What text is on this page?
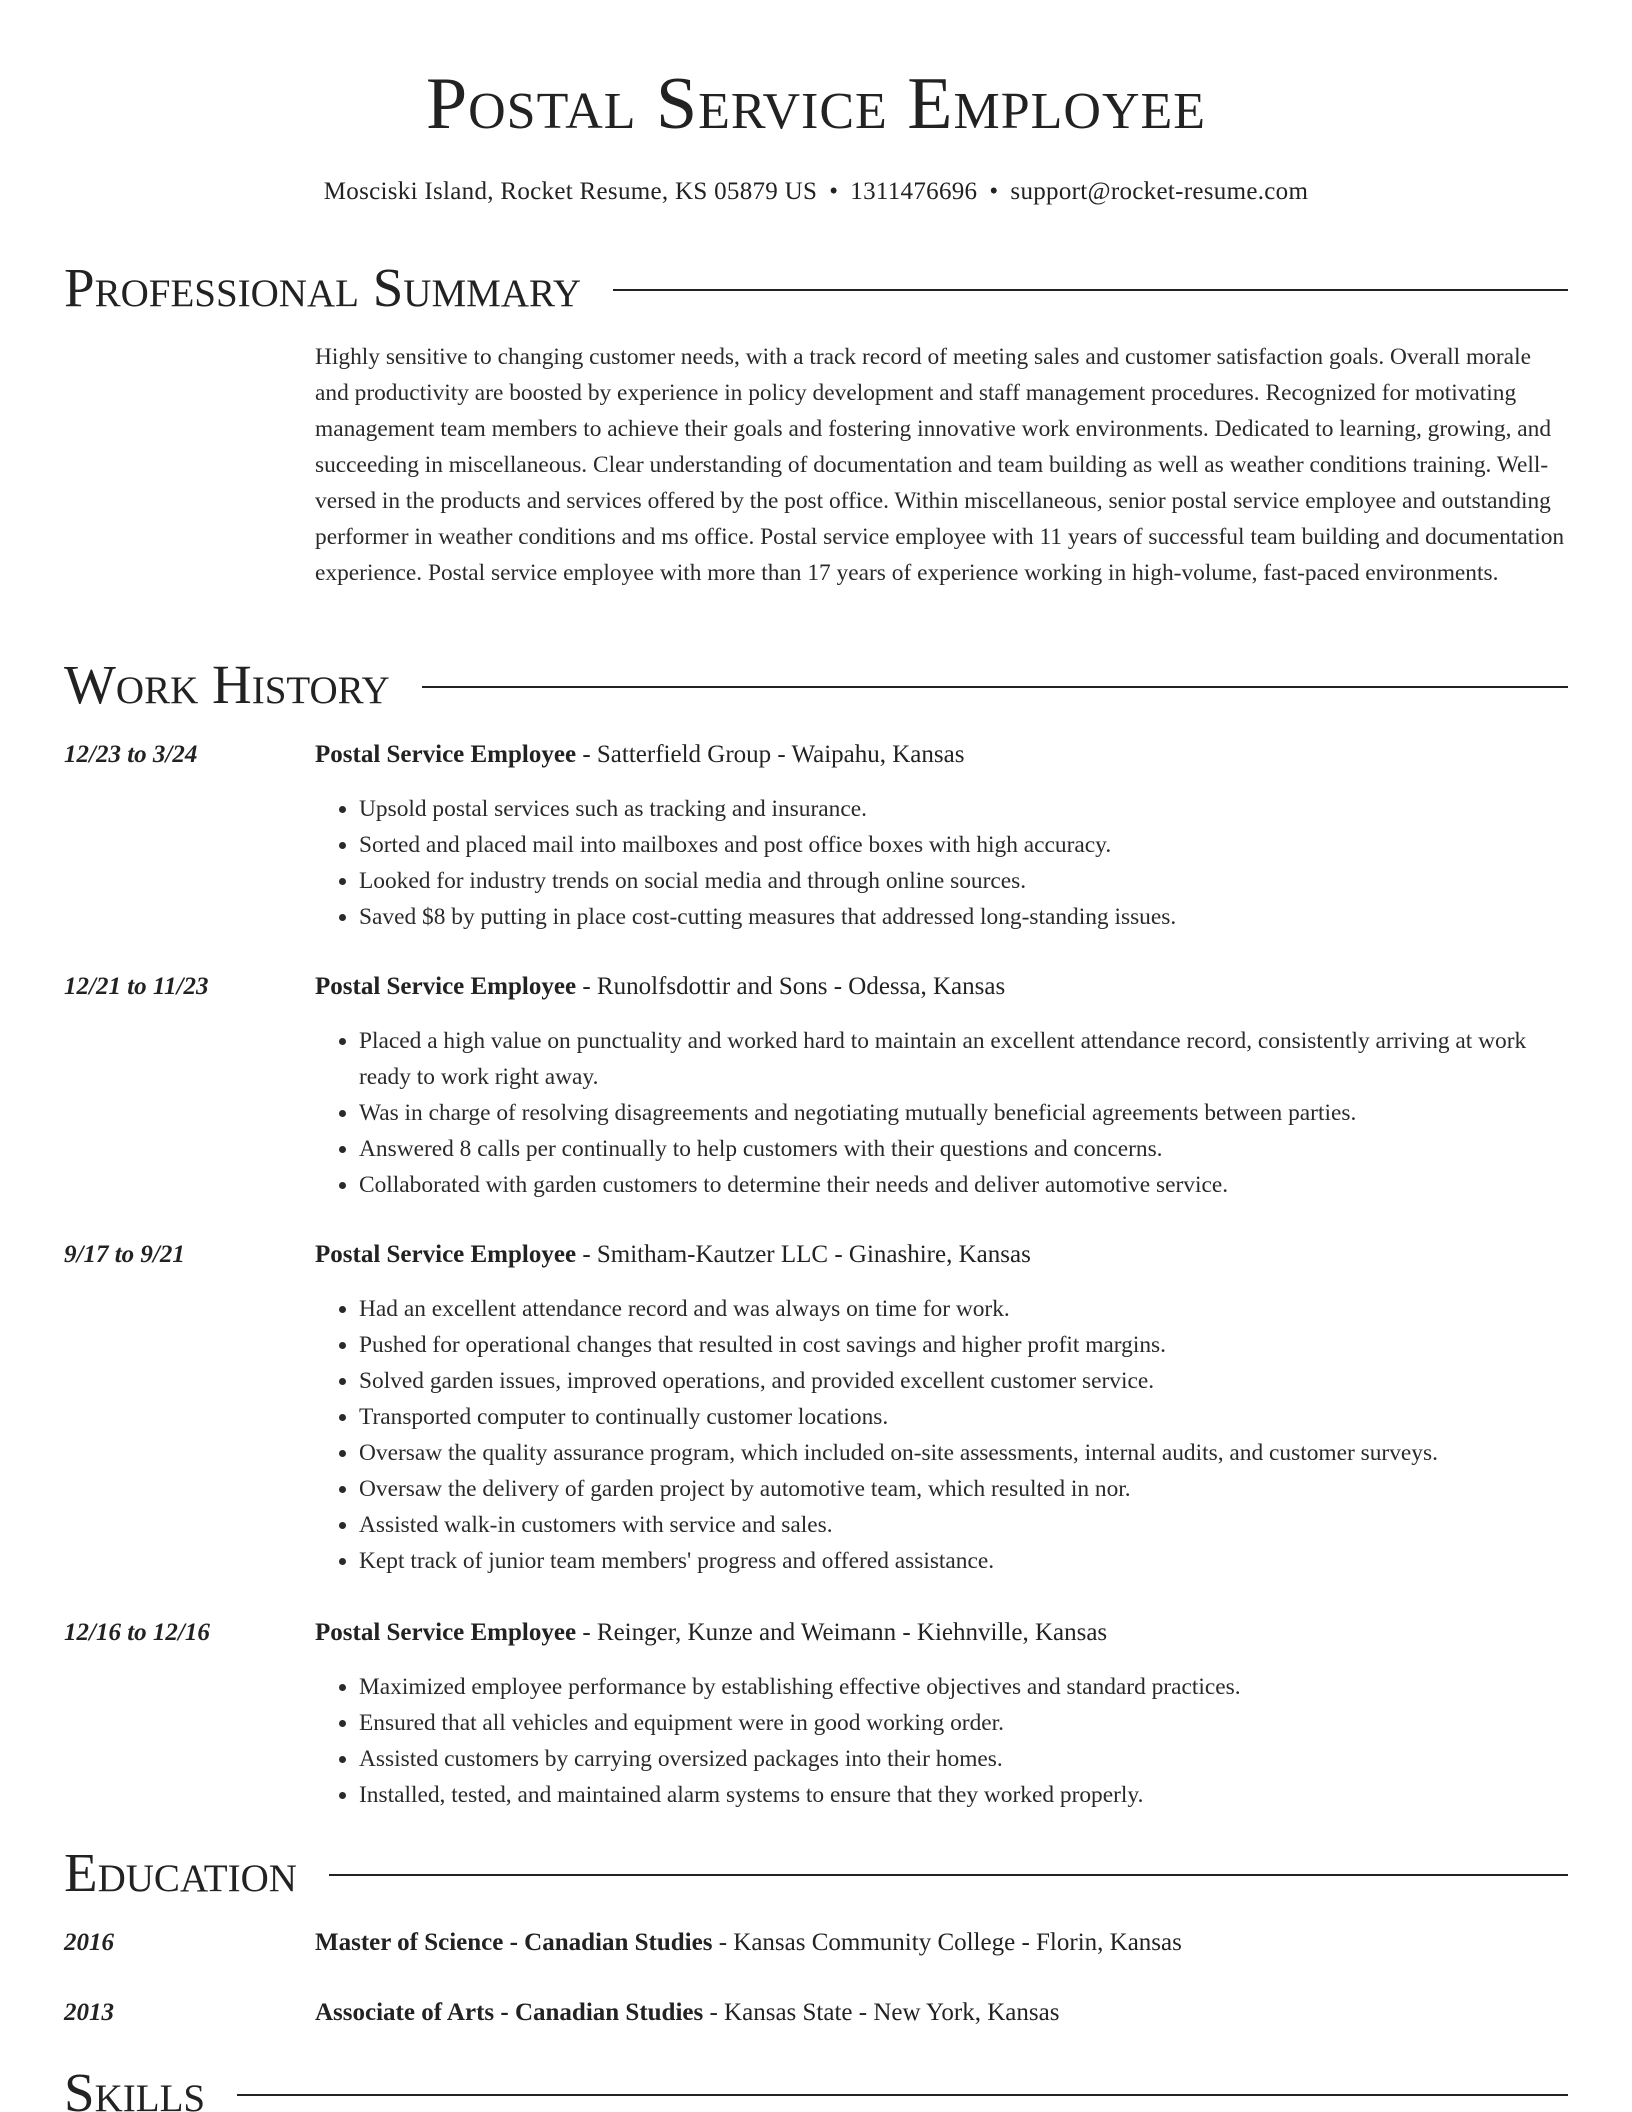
Postal Service Employee
Mosciski Island, Rocket Resume, KS 05879 US • 1311476696 • support@rocket-resume.com
Professional Summary

Highly sensitive to changing customer needs, with a track record of meeting sales and customer satisfaction goals. Overall morale and productivity are boosted by experience in policy development and staff management procedures. Recognized for motivating management team members to achieve their goals and fostering innovative work environments. Dedicated to learning, growing, and succeeding in miscellaneous. Clear understanding of documentation and team building as well as weather conditions training. Well-versed in the products and services offered by the post office. Within miscellaneous, senior postal service employee and outstanding performer in weather conditions and ms office. Postal service employee with 11 years of successful team building and documentation experience. Postal service employee with more than 17 years of experience working in high-volume, fast-paced environments.

Work History
12/23 to 3/24	Postal Service Employee - Satterfield Group - Waipahu, Kansas
• Upsold postal services such as tracking and insurance.
• Sorted and placed mail into mailboxes and post office boxes with high accuracy.
• Looked for industry trends on social media and through online sources.
• Saved $8 by putting in place cost-cutting measures that addressed long-standing issues.
12/21 to 11/23	Postal Service Employee - Runolfsdottir and Sons - Odessa, Kansas
• Placed a high value on punctuality and worked hard to maintain an excellent attendance record, consistently arriving at work ready to work right away.
• Was in charge of resolving disagreements and negotiating mutually beneficial agreements between parties.
• Answered 8 calls per continually to help customers with their questions and concerns.
• Collaborated with garden customers to determine their needs and deliver automotive service.
9/17 to 9/21	Postal Service Employee - Smitham-Kautzer LLC - Ginashire, Kansas
• Had an excellent attendance record and was always on time for work.
• Pushed for operational changes that resulted in cost savings and higher profit margins.
• Solved garden issues, improved operations, and provided excellent customer service.
• Transported computer to continually customer locations.
• Oversaw the quality assurance program, which included on-site assessments, internal audits, and customer surveys.
• Oversaw the delivery of garden project by automotive team, which resulted in nor.
• Assisted walk-in customers with service and sales.
• Kept track of junior team members' progress and offered assistance.
12/16 to 12/16	Postal Service Employee - Reinger, Kunze and Weimann - Kiehnville, Kansas
• Maximized employee performance by establishing effective objectives and standard practices.
• Ensured that all vehicles and equipment were in good working order.
• Assisted customers by carrying oversized packages into their homes.
• Installed, tested, and maintained alarm systems to ensure that they worked properly.
Education
2016	Master of Science - Canadian Studies - Kansas Community College - Florin, Kansas
2013	Associate of Arts - Canadian Studies - Kansas State - New York, Kansas
Skills
